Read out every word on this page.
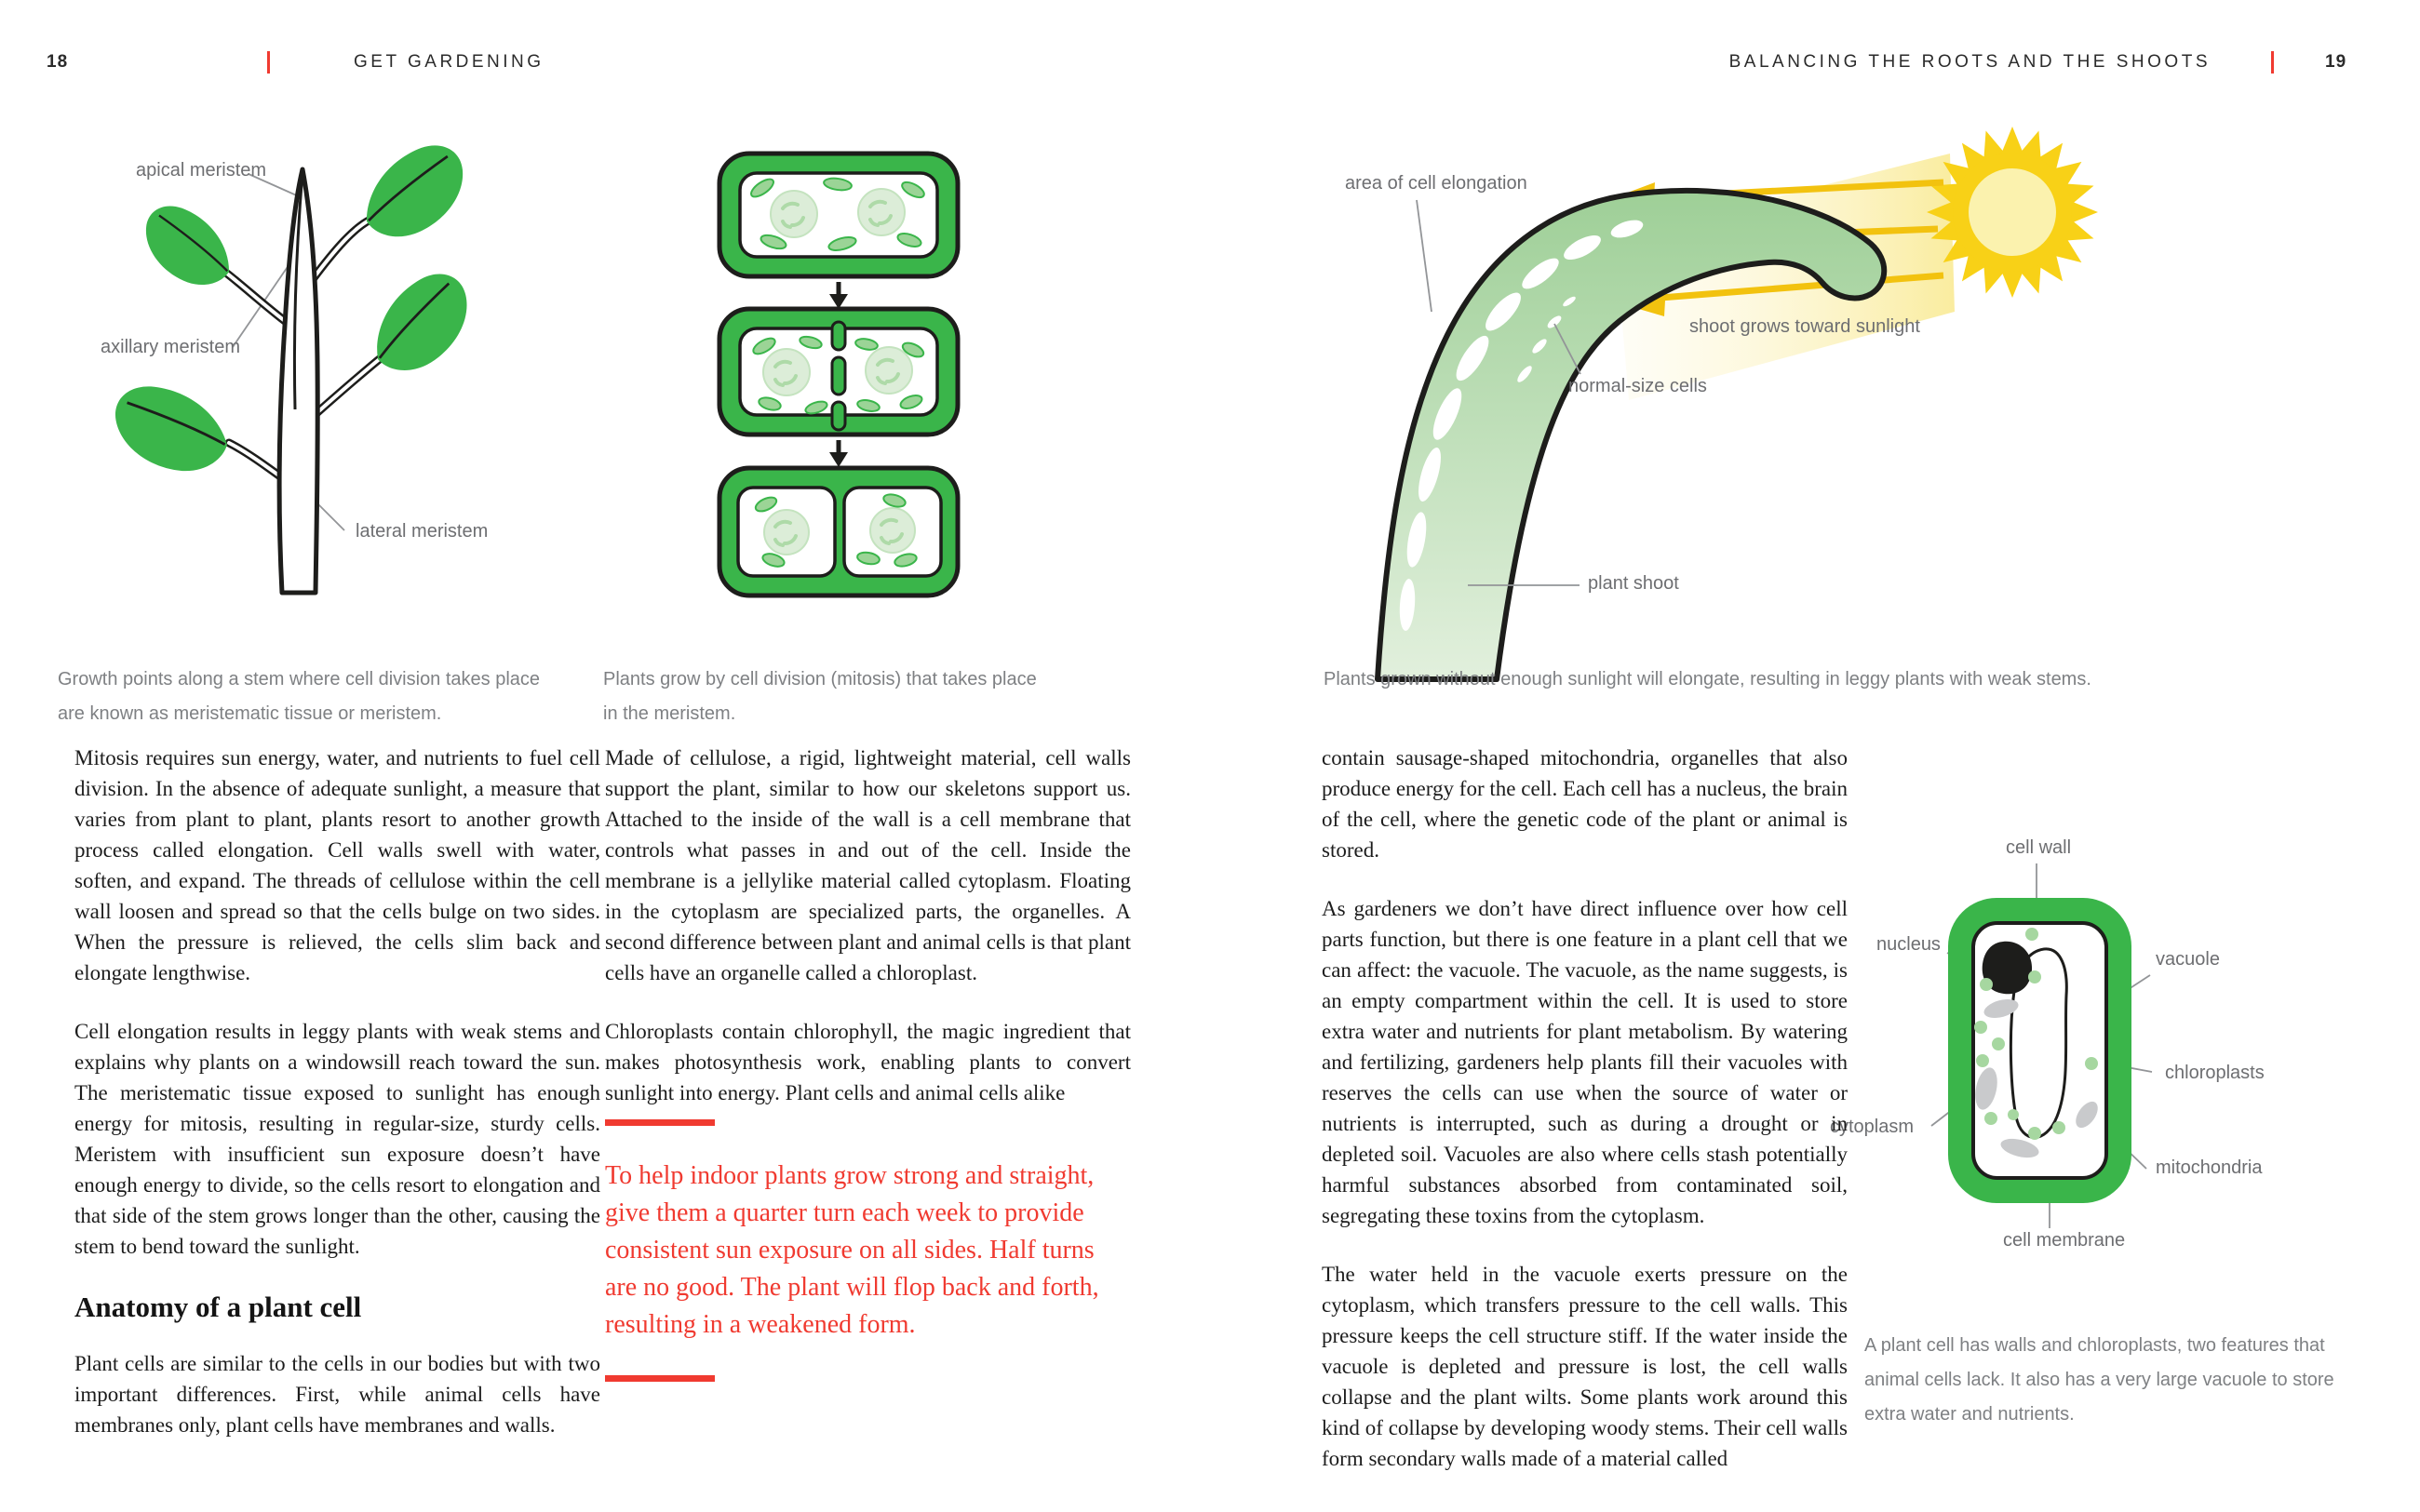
18	GET GARDENING	BALANCING THE ROOTS AND THE SHOOTS	19
apical meristem
axillary meristem
lateral meristem
Growth points along a stem where cell division takes place are known as meristematic tissue or meristem.
Plants grow by cell division (mitosis) that takes place in the meristem.
area of cell elongation
shoot grows toward sunlight
normal-size cells
plant shoot
Plants grown without enough sunlight will elongate, resulting in leggy plants with weak stems.
cell wall
nucleus
vacuole
chloroplasts
cytoplasm
mitochondria
cell membrane
A plant cell has walls and chloroplasts, two features that animal cells lack. It also has a very large vacuole to store extra water and nutrients.

Mitosis requires sun energy, water, and nutrients to fuel cell division. In the absence of adequate sunlight, a measure that varies from plant to plant, plants resort to another growth process called elongation. Cell walls swell with water, soften, and expand. The threads of cellulose within the cell wall loosen and spread so that the cells bulge on two sides. When the pressure is relieved, the cells slim back and elongate lengthwise.

Cell elongation results in leggy plants with weak stems and explains why plants on a windowsill reach toward the sun. The meristematic tissue exposed to sunlight has enough energy for mitosis, resulting in regular-size, sturdy cells. Meristem with insufficient sun exposure doesn’t have enough energy to divide, so the cells resort to elongation and that side of the stem grows longer than the other, causing the stem to bend toward the sunlight.

Anatomy of a plant cell

Plant cells are similar to the cells in our bodies but with two important differences. First, while animal cells have membranes only, plant cells have membranes and walls.

Made of cellulose, a rigid, lightweight material, cell walls support the plant, similar to how our skeletons support us. Attached to the inside of the wall is a cell membrane that controls what passes in and out of the cell. Inside the membrane is a jellylike material called cytoplasm. Floating in the cytoplasm are specialized parts, the organelles. A second difference between plant and animal cells is that plant cells have an organelle called a chloroplast.

Chloroplasts contain chlorophyll, the magic ingredient that makes photosynthesis work, enabling plants to convert sunlight into energy. Plant cells and animal cells alike

To help indoor plants grow strong and straight, give them a quarter turn each week to provide consistent sun exposure on all sides. Half turns are no good. The plant will flop back and forth, resulting in a weakened form.

contain sausage-shaped mitochondria, organelles that also produce energy for the cell. Each cell has a nucleus, the brain of the cell, where the genetic code of the plant or animal is stored.

As gardeners we don’t have direct influence over how cell parts function, but there is one feature in a plant cell that we can affect: the vacuole. The vacuole, as the name suggests, is an empty compartment within the cell. It is used to store extra water and nutrients for plant metabolism. By watering and fertilizing, gardeners help plants fill their vacuoles with reserves the cells can use when the source of water or nutrients is interrupted, such as during a drought or in depleted soil. Vacuoles are also where cells stash potentially harmful substances absorbed from contaminated soil, segregating these toxins from the cytoplasm.

The water held in the vacuole exerts pressure on the cytoplasm, which transfers pressure to the cell walls. This pressure keeps the cell structure stiff. If the water inside the vacuole is depleted and pressure is lost, the cell walls collapse and the plant wilts. Some plants work around this kind of collapse by developing woody stems. Their cell walls form secondary walls made of a material called
